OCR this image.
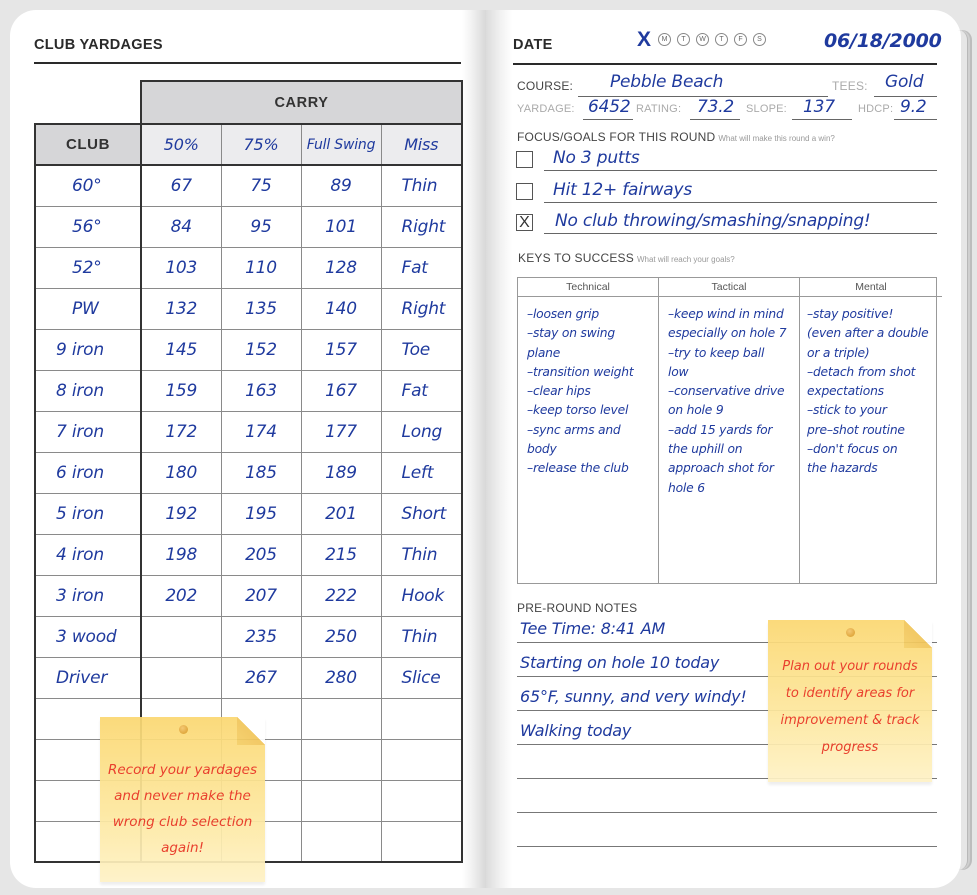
CLUB YARDAGES
	CARRY			
CLUB	50%	75%	Full Swing	Miss
60°	67	75	89	Thin
56°	84	95	101	Right
52°	103	110	128	Fat
PW	132	135	140	Right
9 iron	145	152	157	Toe
8 iron	159	163	167	Fat
7 iron	172	174	177	Long
6 iron	180	185	189	Left
5 iron	192	195	201	Short
4 iron	198	205	215	Thin
3 iron	202	207	222	Hook
3 wood		235	250	Thin
Driver		267	280	Slice

Record your yardages
and never make the
wrong club selection
again!
DATE	X	M	T	W	T	F	S	06/18/2000
COURSE: Pebble Beach	TEES: Gold
YARDAGE: 6452 RATING: 73.2 SLOPE: 137 HDCP: 9.2
FOCUS/GOALS FOR THIS ROUND What will make this round a win?
No 3 putts
Hit 12+ fairways
X No club throwing/smashing/snapping!
KEYS TO SUCCESS What will reach your goals?
Technical
–loosen grip
–stay on swing
plane
–transition weight
–clear hips
–keep torso level
–sync arms and
body
–release the club
Tactical
–keep wind in mind
especially on hole 7
–try to keep ball
low
–conservative drive
on hole 9
–add 15 yards for
the uphill on
approach shot for
hole 6
Mental
–stay positive!
(even after a double
or a triple)
–detach from shot
expectations
–stick to your
pre–shot routine
–don't focus on
the hazards
PRE-ROUND NOTES
Tee Time: 8:41 AM
Starting on hole 10 today
65°F, sunny, and very windy!
Walking today
Plan out your rounds
to identify areas for
improvement & track
progress
